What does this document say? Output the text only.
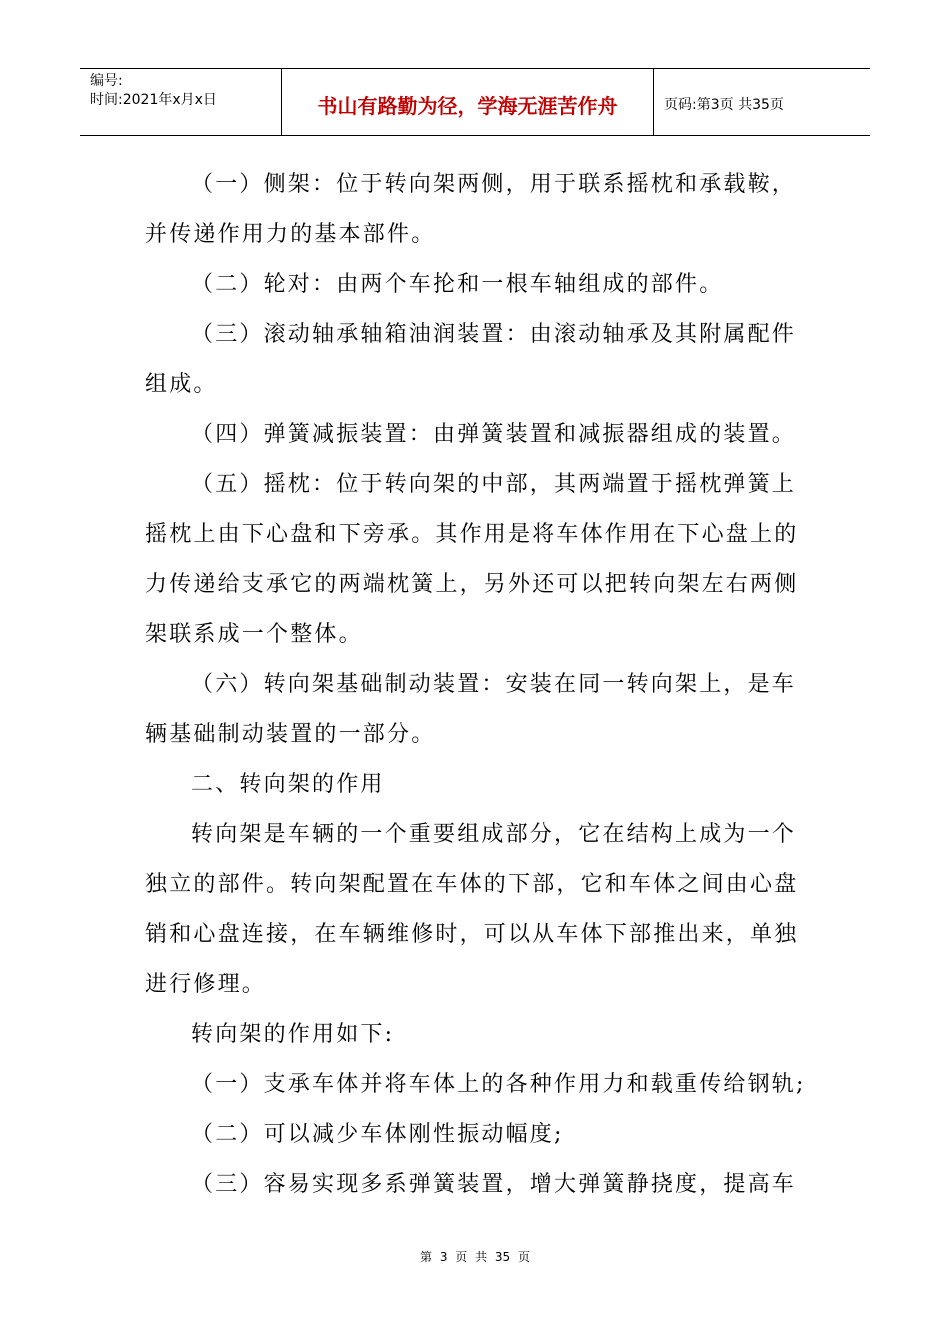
编号:
时间:2021年x月x日	书山有路勤为径，学海无涯苦作舟	页码:第3页 共35页

（一）侧架：位于转向架两侧，用于联系摇枕和承载鞍，

并传递作用力的基本部件。

（二）轮对：由两个车抡和一根车轴组成的部件。

（三）滚动轴承轴箱油润装置：由滚动轴承及其附属配件

组成。

（四）弹簧减振装置：由弹簧装置和减振器组成的装置。

（五）摇枕：位于转向架的中部，其两端置于摇枕弹簧上

摇枕上由下心盘和下旁承。其作用是将车体作用在下心盘上的

力传递给支承它的两端枕簧上，另外还可以把转向架左右两侧

架联系成一个整体。

（六）转向架基础制动装置：安装在同一转向架上，是车

辆基础制动装置的一部分。

二、转向架的作用

转向架是车辆的一个重要组成部分，它在结构上成为一个

独立的部件。转向架配置在车体的下部，它和车体之间由心盘

销和心盘连接，在车辆维修时，可以从车体下部推出来，单独

进行修理。

转向架的作用如下:

（一）支承车体并将车体上的各种作用力和载重传给钢轨;

（二）可以减少车体刚性振动幅度;

（三）容易实现多系弹簧装置，增大弹簧静挠度，提高车

第 3 页 共 35 页
